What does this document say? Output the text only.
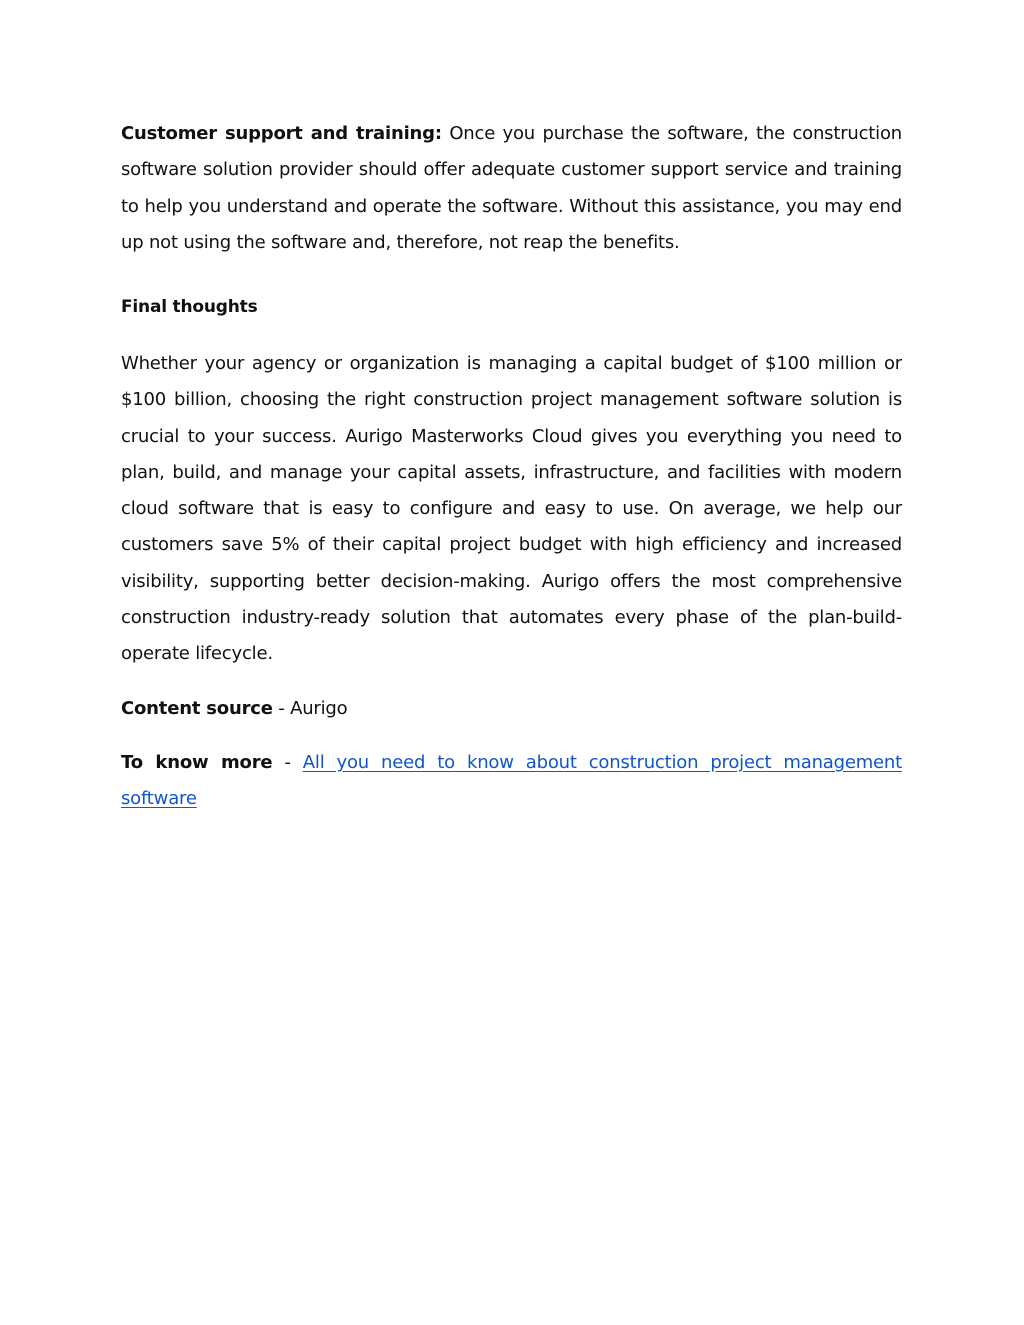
Customer support and training: Once you purchase the software, the construction software solution provider should offer adequate customer support service and training to help you understand and operate the software. Without this assistance, you may end up not using the software and, therefore, not reap the benefits.

Final thoughts

Whether your agency or organization is managing a capital budget of $100 million or $100 billion, choosing the right construction project management software solution is crucial to your success. Aurigo Masterworks Cloud gives you everything you need to plan, build, and manage your capital assets, infrastructure, and facilities with modern cloud software that is easy to configure and easy to use. On average, we help our customers save 5% of their capital project budget with high efficiency and increased visibility, supporting better decision-making. Aurigo offers the most comprehensive construction industry-ready solution that automates every phase of the plan-build-operate lifecycle.

Content source - Aurigo

To know more - All you need to know about construction project management software
